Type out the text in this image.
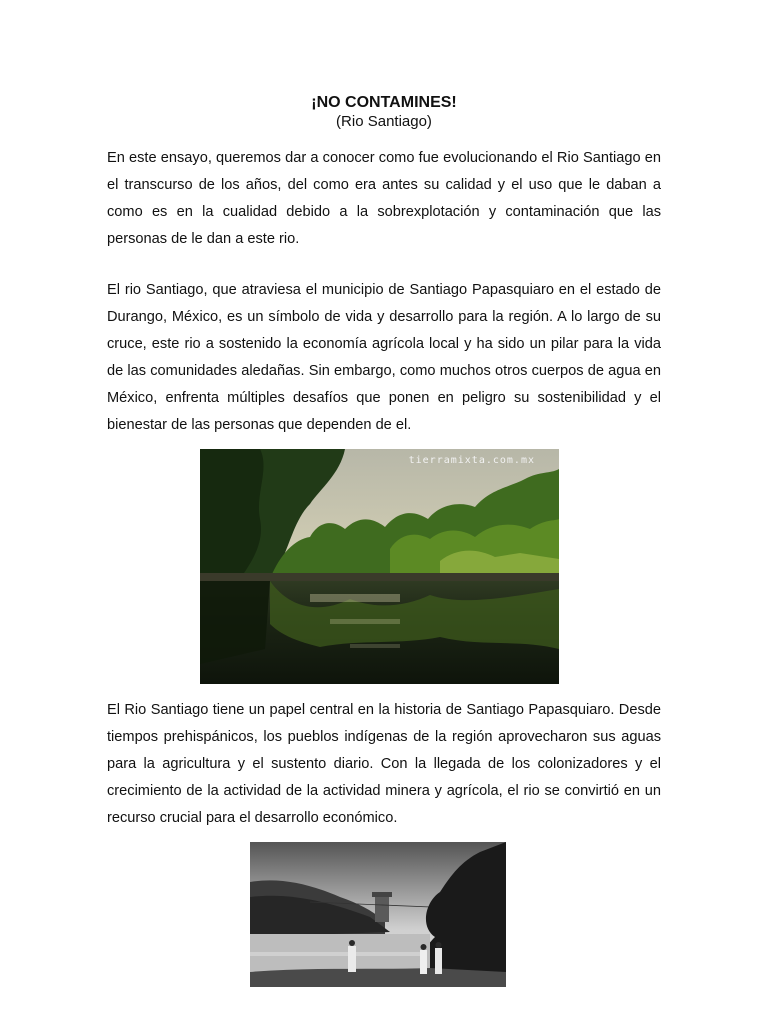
¡NO CONTAMINES!
(Rio Santiago)

En este ensayo, queremos dar a conocer como fue evolucionando el Rio Santiago en el transcurso de los años, del como era antes su calidad y el uso que le daban a como es en la cualidad debido a la sobrexplotación y contaminación que las personas de le dan a este rio.

El rio Santiago, que atraviesa el municipio de Santiago Papasquiaro en el estado de Durango, México, es un símbolo de vida y desarrollo para la región. A lo largo de su cruce, este rio a sostenido la economía agrícola local y ha sido un pilar para la vida de las comunidades aledañas. Sin embargo, como muchos otros cuerpos de agua en México, enfrenta múltiples desafíos que ponen en peligro su sostenibilidad y el bienestar de las personas que dependen de el.

tierramixta.com.mx

El Rio Santiago tiene un papel central en la historia de Santiago Papasquiaro. Desde tiempos prehispánicos, los pueblos indígenas de la región aprovecharon sus aguas para la agricultura y el sustento diario. Con la llegada de los colonizadores y el crecimiento de la actividad de la actividad minera y agrícola, el rio se convirtió en un recurso crucial para el desarrollo económico.
